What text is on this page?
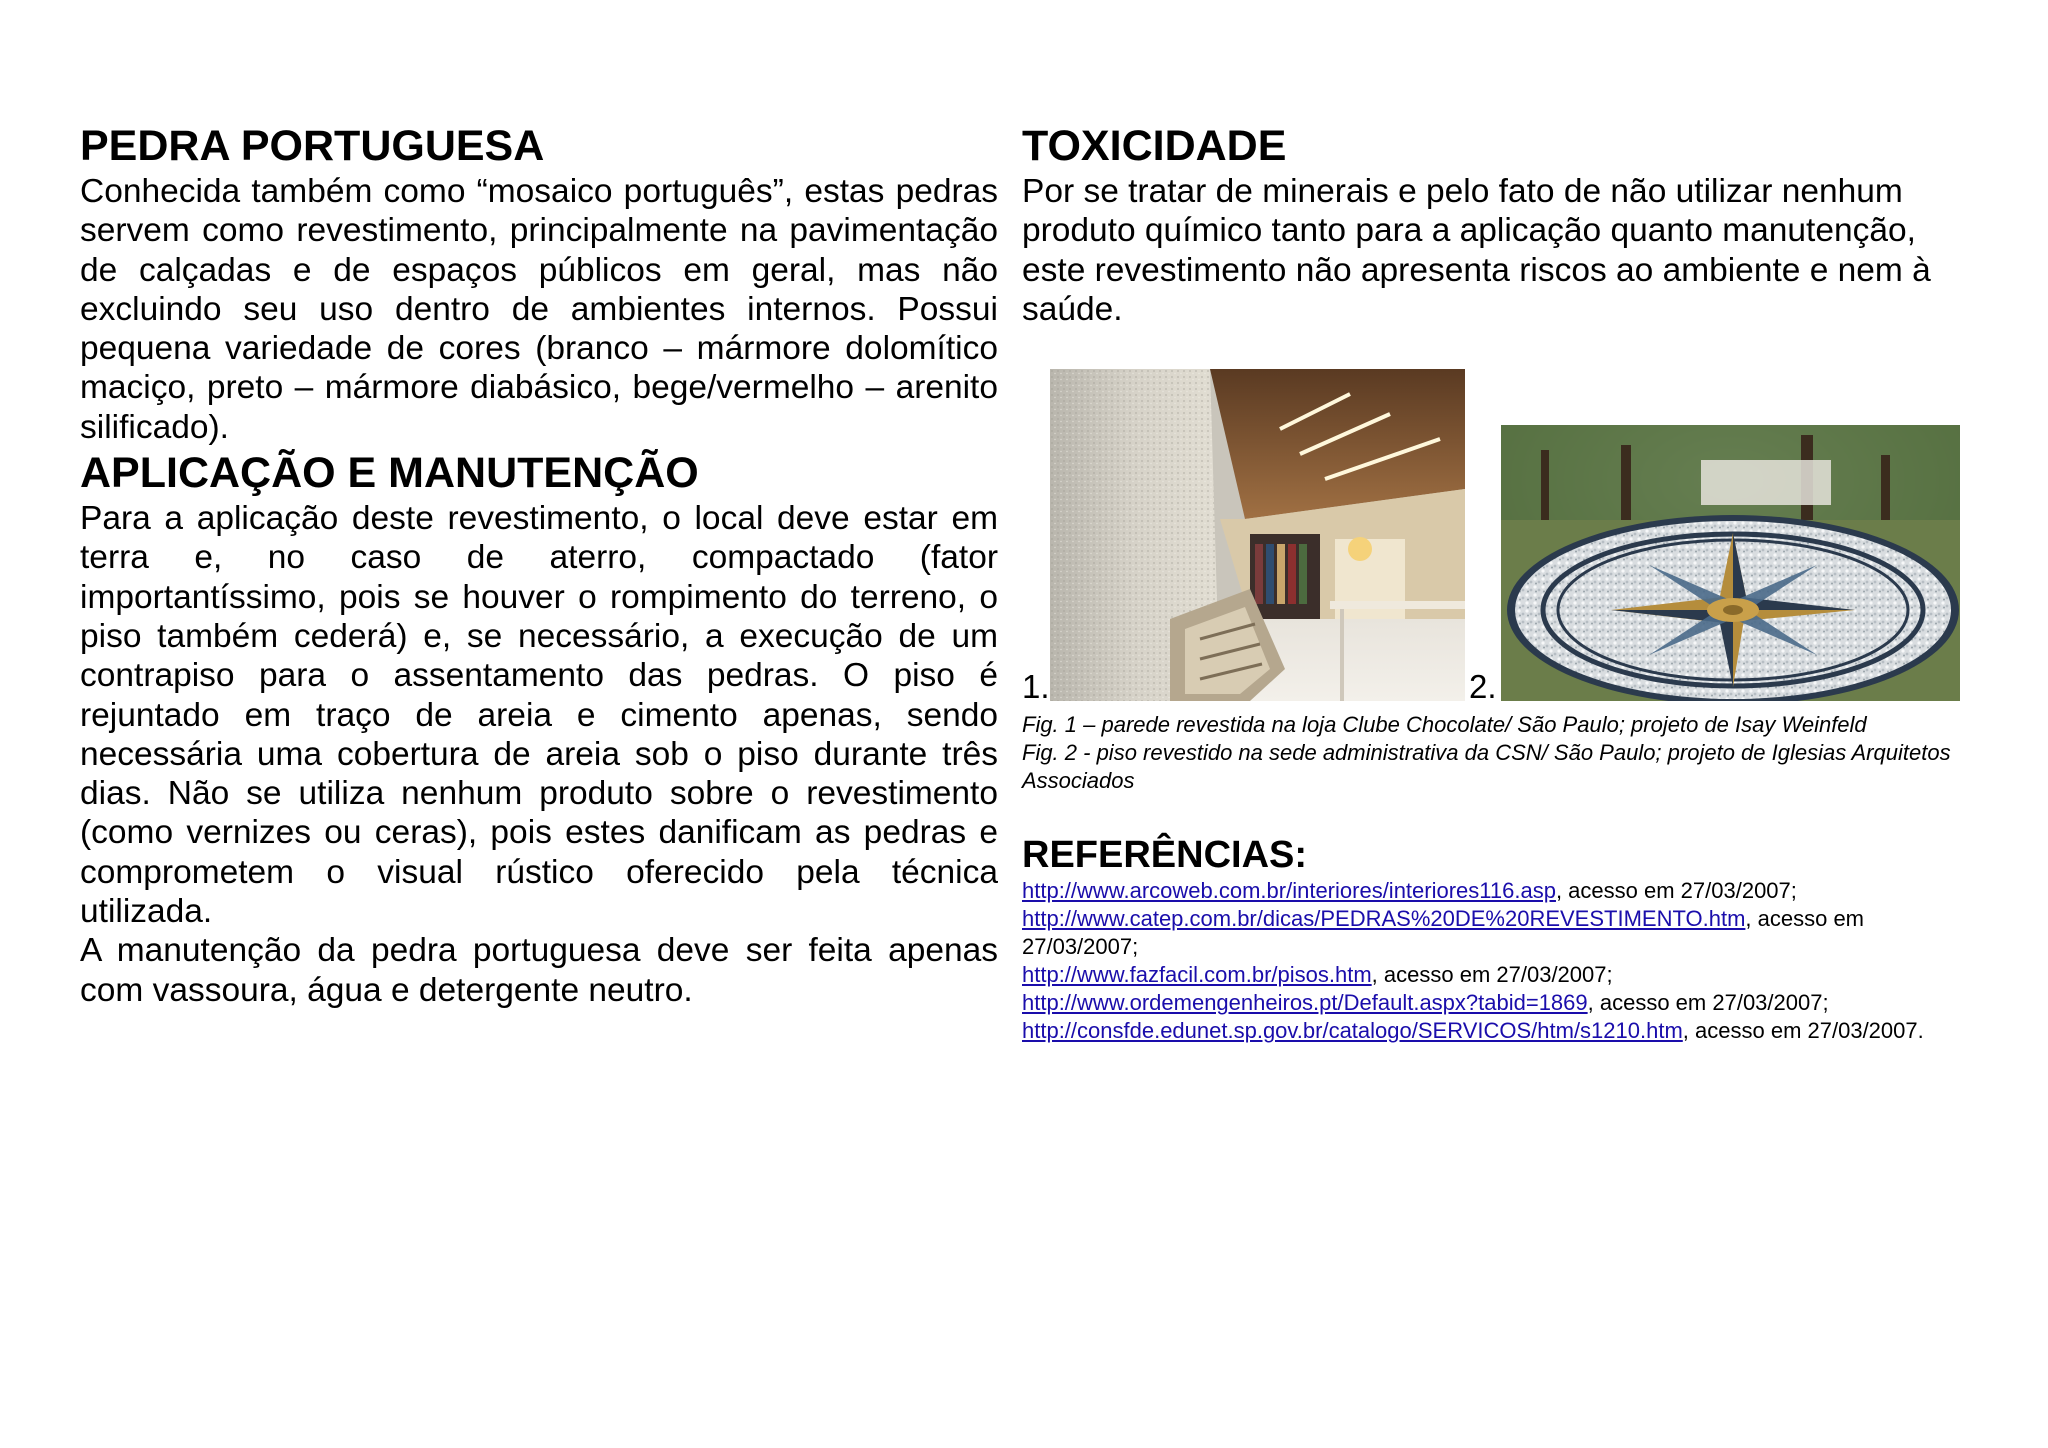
PEDRA PORTUGUESA

Conhecida também como “mosaico português”, estas pedras servem como revestimento, principalmente na pavimentação de calçadas e de espaços públicos em geral, mas não excluindo seu uso dentro de ambientes internos. Possui pequena variedade de cores (branco – mármore dolomítico maciço, preto – mármore diabásico, bege/vermelho – arenito silificado).

APLICAÇÃO E MANUTENÇÃO

Para a aplicação deste revestimento, o local deve estar em terra e, no caso de aterro, compactado (fator importantíssimo, pois se houver o rompimento do terreno, o piso também cederá) e, se necessário, a execução de um contrapiso para o assentamento das pedras. O piso é rejuntado em traço de areia e cimento apenas, sendo necessária uma cobertura de areia sob o piso durante três dias. Não se utiliza nenhum produto sobre o revestimento (como vernizes ou ceras), pois estes danificam as pedras e comprometem o visual rústico oferecido pela técnica utilizada.

A manutenção da pedra portuguesa deve ser feita apenas com vassoura, água e detergente neutro.

TOXICIDADE

Por se tratar de minerais e pelo fato de não utilizar nenhum produto químico tanto para a aplicação quanto manutenção, este revestimento não apresenta riscos ao ambiente e nem à saúde.

1.	2.
Fig. 1 – parede revestida na loja Clube Chocolate/ São Paulo; projeto de Isay Weinfeld
Fig. 2 - piso revestido na sede administrativa da CSN/ São Paulo; projeto de Iglesias Arquitetos Associados
REFERÊNCIAS:
http://www.arcoweb.com.br/interiores/interiores116.asp, acesso em 27/03/2007;
http://www.catep.com.br/dicas/PEDRAS%20DE%20REVESTIMENTO.htm, acesso em 27/03/2007;
http://www.fazfacil.com.br/pisos.htm, acesso em 27/03/2007;
http://www.ordemengenheiros.pt/Default.aspx?tabid=1869, acesso em 27/03/2007;
http://consfde.edunet.sp.gov.br/catalogo/SERVICOS/htm/s1210.htm, acesso em 27/03/2007.
